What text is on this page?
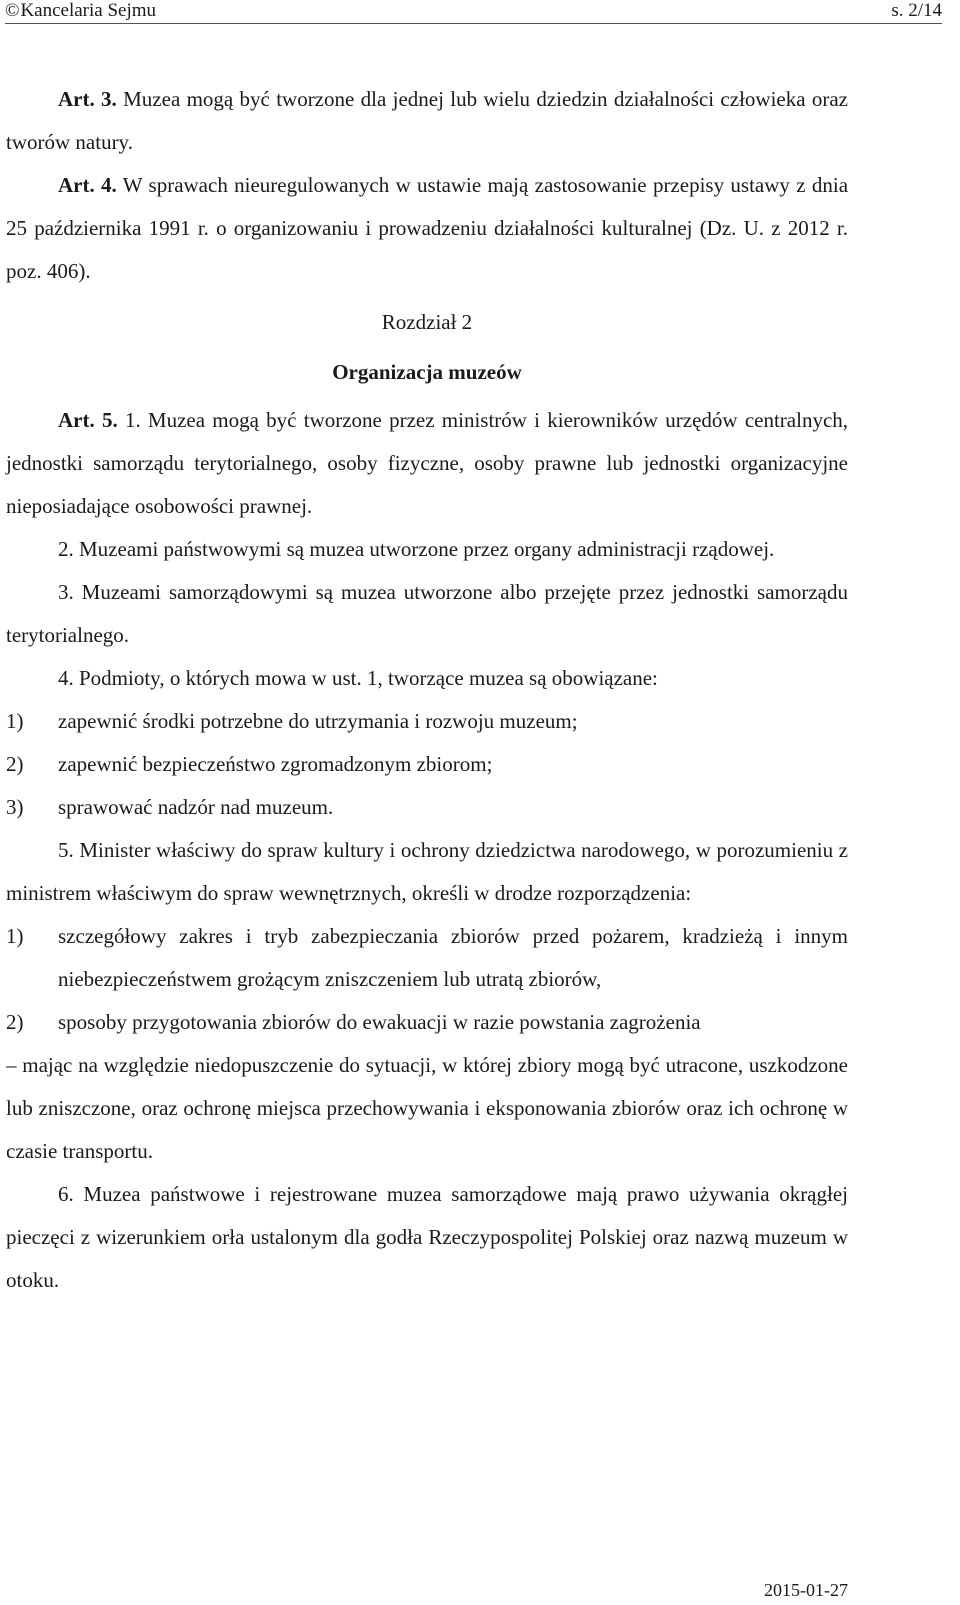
©Kancelaria Sejmu	s. 2/14

Art. 3. Muzea mogą być tworzone dla jednej lub wielu dziedzin działalności człowieka oraz tworów natury.

Art. 4. W sprawach nieuregulowanych w ustawie mają zastosowanie przepisy ustawy z dnia 25 października 1991 r. o organizowaniu i prowadzeniu działalności kulturalnej (Dz. U. z 2012 r. poz. 406).

Rozdział 2

Organizacja muzeów

Art. 5. 1. Muzea mogą być tworzone przez ministrów i kierowników urzędów centralnych, jednostki samorządu terytorialnego, osoby fizyczne, osoby prawne lub jednostki organizacyjne nieposiadające osobowości prawnej.

2. Muzeami państwowymi są muzea utworzone przez organy administracji rządowej.

3. Muzeami samorządowymi są muzea utworzone albo przejęte przez jednostki samorządu terytorialnego.

4. Podmioty, o których mowa w ust. 1, tworzące muzea są obowiązane:

1) zapewnić środki potrzebne do utrzymania i rozwoju muzeum;
2) zapewnić bezpieczeństwo zgromadzonym zbiorom;
3) sprawować nadzór nad muzeum.

5. Minister właściwy do spraw kultury i ochrony dziedzictwa narodowego, w porozumieniu z ministrem właściwym do spraw wewnętrznych, określi w drodze rozporządzenia:

1) szczegółowy zakres i tryb zabezpieczania zbiorów przed pożarem, kradzieżą i innym niebezpieczeństwem grożącym zniszczeniem lub utratą zbiorów,
2) sposoby przygotowania zbiorów do ewakuacji w razie powstania zagrożenia

– mając na względzie niedopuszczenie do sytuacji, w której zbiory mogą być utracone, uszkodzone lub zniszczone, oraz ochronę miejsca przechowywania i eksponowania zbiorów oraz ich ochronę w czasie transportu.

6. Muzea państwowe i rejestrowane muzea samorządowe mają prawo używania okrągłej pieczęci z wizerunkiem orła ustalonym dla godła Rzeczypospolitej Polskiej oraz nazwą muzeum w otoku.

2015-01-27
